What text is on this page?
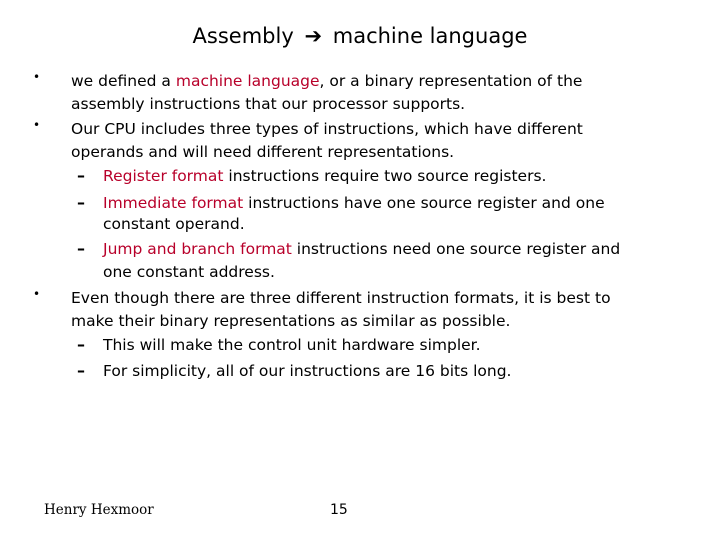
Assembly ➔ machine language
• we defined a machine language, or a binary representation of the
assembly instructions that our processor supports.
• Our CPU includes three types of instructions, which have different
operands and will need different representations.
– Register format instructions require two source registers.
– Immediate format instructions have one source register and one
constant operand.
– Jump and branch format instructions need one source register and
one constant address.
• Even though there are three different instruction formats, it is best to
make their binary representations as similar as possible.
– This will make the control unit hardware simpler.
– For simplicity, all of our instructions are 16 bits long.
Henry Hexmoor	15
